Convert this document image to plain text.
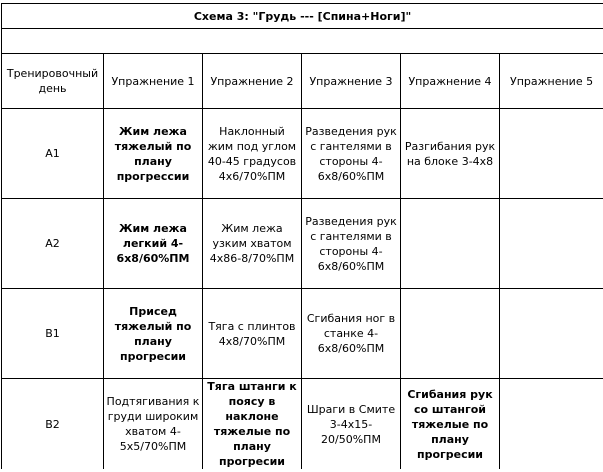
Схема 3: "Грудь --- [Спина+Ноги]"					

Тренировочный день	Упражнение 1	Упражнение 2	Упражнение 3	Упражнение 4	Упражнение 5
A1	Жим лежа тяжелый по плану прогрессии	Наклонный жим под углом 40-45 градусов 4х6/70%ПМ	Разведения рук с гантелями в стороны 4-6х8/60%ПМ	Разгибания рук на блоке 3-4х8	
A2	Жим лежа легкий 4-6х8/60%ПМ	Жим лежа узким хватом 4х86-8/70%ПМ	Разведения рук с гантелями в стороны 4-6х8/60%ПМ		
B1	Присед тяжелый по плану прогресии	Тяга с плинтов 4х8/70%ПМ	Сгибания ног в станке 4-6х8/60%ПМ		
B2	Подтягивания к груди широким хватом 4-5х5/70%ПМ	Тяга штанги к поясу в наклоне тяжелые по плану прогресии	Шраги в Смите 3-4х15-20/50%ПМ	Сгибания рук со штангой тяжелые по плану прогресии	
